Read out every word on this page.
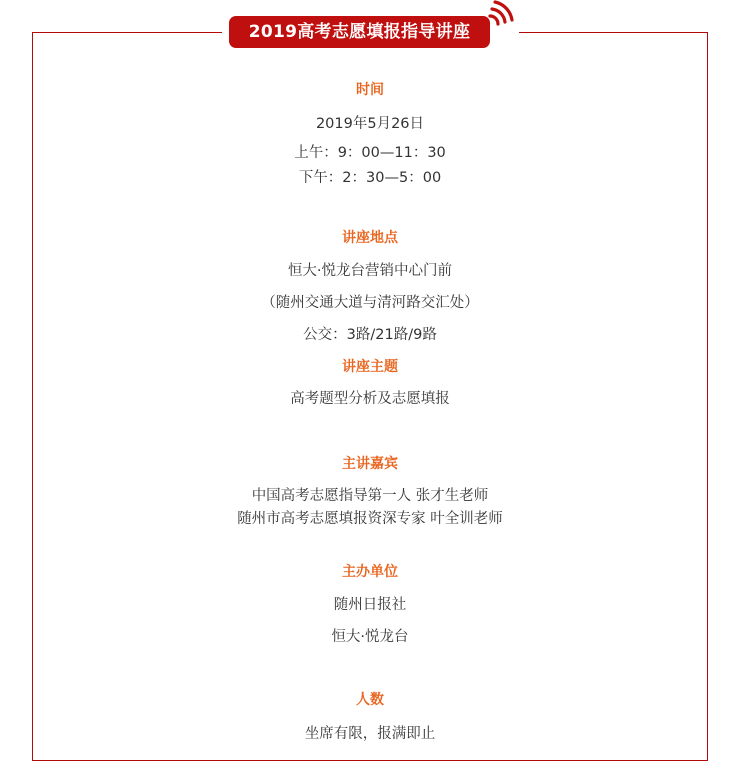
2019高考志愿填报指导讲座
时间
2019年5月26日
上午：9：00—11：30
下午：2：30—5：00
讲座地点
恒大·悦龙台营销中心门前
（随州交通大道与清河路交汇处）
公交：3路/21路/9路
讲座主题
高考题型分析及志愿填报
主讲嘉宾
中国高考志愿指导第一人 张才生老师
随州市高考志愿填报资深专家 叶全训老师
主办单位
随州日报社
恒大·悦龙台
人数
坐席有限，报满即止
